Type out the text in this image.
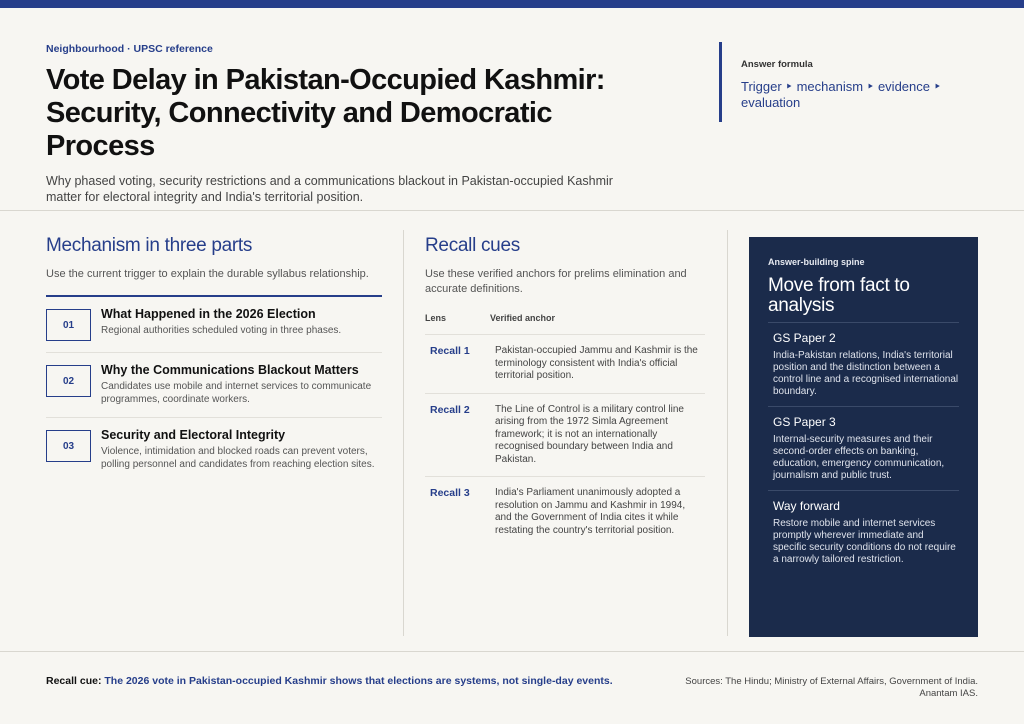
Neighbourhood · UPSC reference
Vote Delay in Pakistan-Occupied Kashmir: Security, Connectivity and Democratic Process

Why phased voting, security restrictions and a communications blackout in Pakistan-occupied Kashmir matter for electoral integrity and India's territorial position.

Answer formula
Trigger ‣ mechanism ‣ evidence ‣ evaluation
Mechanism in three parts

Use the current trigger to explain the durable syllabus relationship.

01
What Happened in the 2026 Election
Regional authorities scheduled voting in three phases.
02
Why the Communications Blackout Matters
Candidates use mobile and internet services to communicate programmes, coordinate workers.
03
Security and Electoral Integrity
Violence, intimidation and blocked roads can prevent voters, polling personnel and candidates from reaching election sites.
Recall cues

Use these verified anchors for prelims elimination and accurate definitions.

Lens	Verified anchor
Recall 1	Pakistan-occupied Jammu and Kashmir is the terminology consistent with India's official territorial position.
Recall 2	The Line of Control is a military control line arising from the 1972 Simla Agreement framework; it is not an internationally recognised boundary between India and Pakistan.
Recall 3	India's Parliament unanimously adopted a resolution on Jammu and Kashmir in 1994, and the Government of India cites it while restating the country's territorial position.
Answer-building spine
Move from fact to analysis
GS Paper 2
India-Pakistan relations, India's territorial position and the distinction between a control line and a recognised international boundary.
GS Paper 3
Internal-security measures and their second-order effects on banking, education, emergency communication, journalism and public trust.
Way forward
Restore mobile and internet services promptly wherever immediate and specific security conditions do not require a narrowly tailored restriction.
Recall cue: The 2026 vote in Pakistan-occupied Kashmir shows that elections are systems, not single-day events.	Sources: The Hindu; Ministry of External Affairs, Government of India. Anantam IAS.
